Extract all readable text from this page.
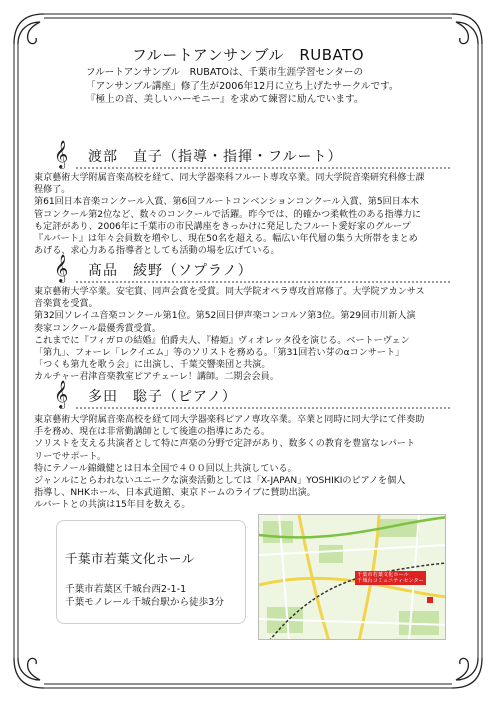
フルートアンサンブル　RUBATO
フルートアンサンブル　RUBATOは、千葉市生涯学習センターの
「アンサンブル講座」修了生が2006年12月に立ち上げたサークルです。
『極上の音、美しいハーモニー』を求めて練習に励んでいます。
𝄞 渡部　直子（指導・指揮・フルート）
東京藝術大学附属音楽高校を経て、同大学器楽科フルート専攻卒業。同大学院音楽研究科修士課
程修了。
第61回日本音楽コンクール入賞、第6回フルートコンベンションコンクール入賞、第5回日本木
管コンクール第2位など、数々のコンクールで活躍。昨今では、的確かつ柔軟性のある指導力に
も定評があり、2006年に千葉市の市民講座をきっかけに発足したフルート愛好家のグループ
『ルバート』は年々会員数を増やし、現在50名を超える。幅広い年代層の集う大所帯をまとめ
あげる、求心力ある指導者としても活動の場を広げている。
𝄞 髙品　綾野（ソプラノ）
東京藝術大学卒業。安宅賞、同声会賞を受賞。同大学院オペラ専攻首席修了。大学院アカンサス
音楽賞を受賞。
第32回ソレイユ音楽コンクール第1位。第52回日伊声楽コンコルソ第3位。第29回市川新人演
奏家コンクール最優秀賞受賞。
これまでに『フィガロの結婚』伯爵夫人、『椿姫』ヴィオレッタ役を演じる。ベートーヴェン
「第九」、フォーレ「レクイエム」等のソリストを務める。「第31回若い芽のαコンサート」
「つくも第九を歌う会」に出演し、千葉交響楽団と共演。
カルチャー君津音楽教室ピアチェーレ！講師。二期会会員。
𝄞 多田　聡子（ピアノ）
東京藝術大学附属音楽高校を経て同大学器楽科ピアノ専攻卒業。卒業と同時に同大学にて伴奏助
手を務め、現在は非常勤講師として後進の指導にあたる。
ソリストを支える共演者として特に声楽の分野で定評があり、数多くの教育を豊富なレパート
リーでサポート。
特にテノール錦織健とは日本全国で４００回以上共演している。
ジャンルにとらわれないユニークな演奏活動としては「X-JAPAN」YOSHIKIのピアノを個人
指導し、NHKホール、日本武道館、東京ドームのライブに賛助出演。
ルバートとの共演は15年目を数える。
千葉市若葉文化ホール
千葉市若葉区千城台西2-1-1
千葉モノレール千城台駅から徒歩3分
千葉市若葉文化ホール
千城台コミュニティセンター
